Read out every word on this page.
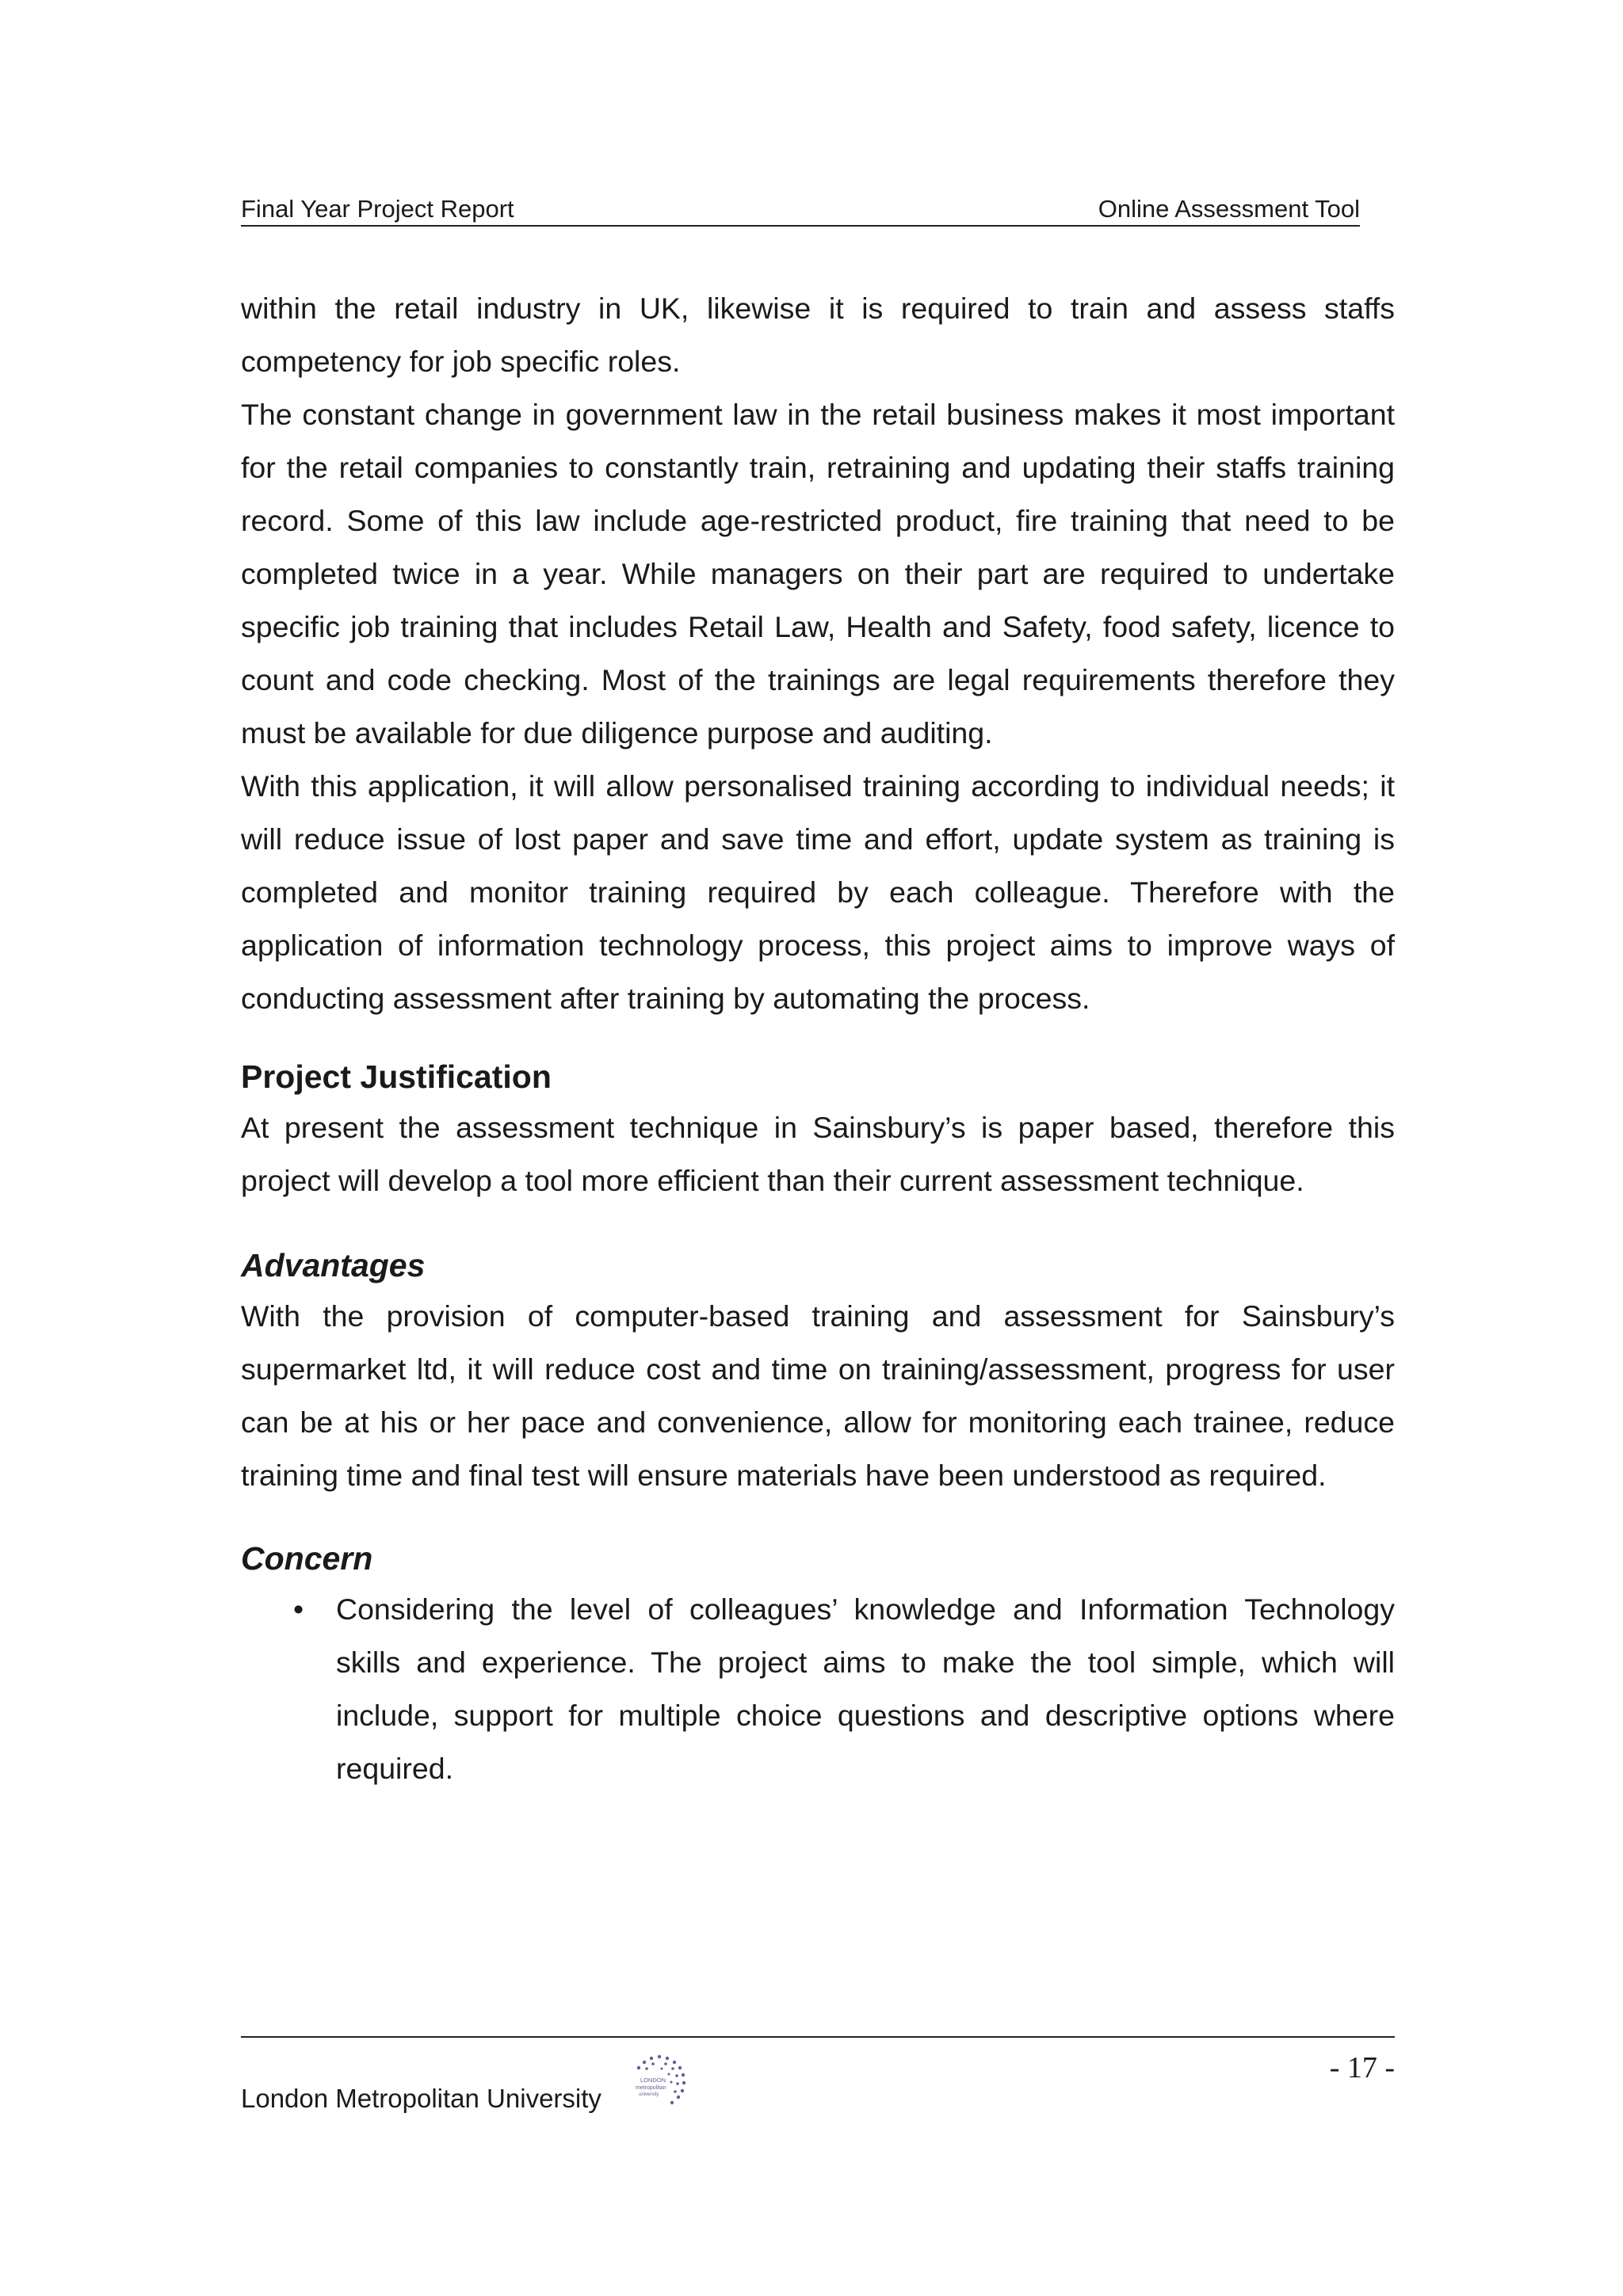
Final Year Project Report	Online Assessment Tool

within the retail industry in UK, likewise it is required to train and assess staffs competency for job specific roles.

The constant change in government law in the retail business makes it most important for the retail companies to constantly train, retraining and updating their staffs training record. Some of this law include age-restricted product, fire training that need to be completed twice in a year. While managers on their part are required to undertake specific job training that includes Retail Law, Health and Safety, food safety, licence to count and code checking. Most of the trainings are legal requirements therefore they must be available for due diligence purpose and auditing.

With this application, it will allow personalised training according to individual needs; it will reduce issue of lost paper and save time and effort, update system as training is completed and monitor training required by each colleague. Therefore with the application of information technology process, this project aims to improve ways of conducting assessment after training by automating the process.

Project Justification

At present the assessment technique in Sainsbury’s is paper based, therefore this project will develop a tool more efficient than their current assessment technique.

Advantages

With the provision of computer-based training and assessment for Sainsbury’s supermarket ltd, it will reduce cost and time on training/assessment, progress for user can be at his or her pace and convenience, allow for monitoring each trainee, reduce training time and final test will ensure materials have been understood as required.

Concern
• Considering the level of colleagues’ knowledge and Information Technology skills and experience. The project aims to make the tool simple, which will include, support for multiple choice questions and descriptive options where required.
- 17 -
London Metropolitan University
LONDON
metropolitan
university
